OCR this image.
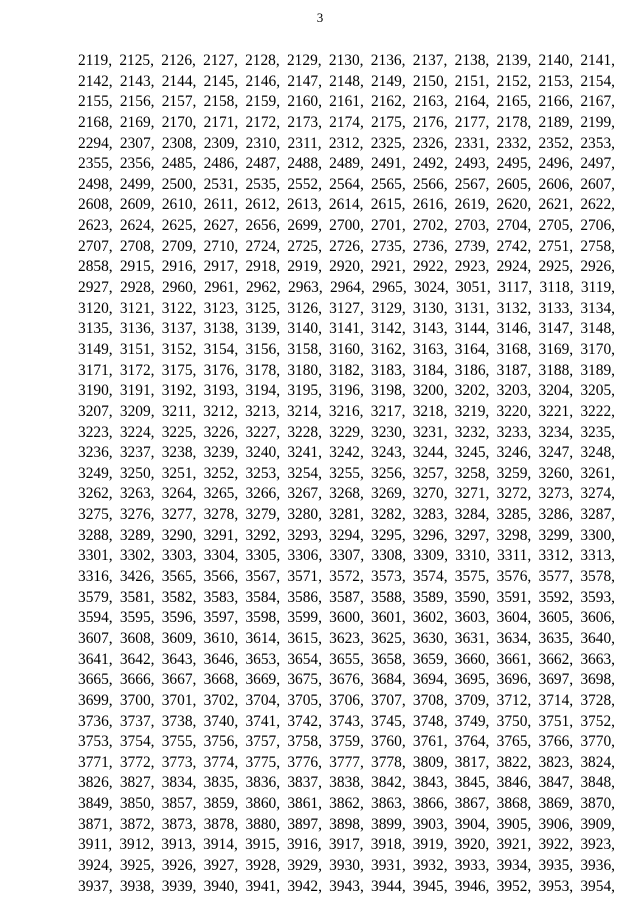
3
2119, 2125, 2126, 2127, 2128, 2129, 2130, 2136, 2137, 2138, 2139, 2140, 2141,
2142, 2143, 2144, 2145, 2146, 2147, 2148, 2149, 2150, 2151, 2152, 2153, 2154,
2155, 2156, 2157, 2158, 2159, 2160, 2161, 2162, 2163, 2164, 2165, 2166, 2167,
2168, 2169, 2170, 2171, 2172, 2173, 2174, 2175, 2176, 2177, 2178, 2189, 2199,
2294, 2307, 2308, 2309, 2310, 2311, 2312, 2325, 2326, 2331, 2332, 2352, 2353,
2355, 2356, 2485, 2486, 2487, 2488, 2489, 2491, 2492, 2493, 2495, 2496, 2497,
2498, 2499, 2500, 2531, 2535, 2552, 2564, 2565, 2566, 2567, 2605, 2606, 2607,
2608, 2609, 2610, 2611, 2612, 2613, 2614, 2615, 2616, 2619, 2620, 2621, 2622,
2623, 2624, 2625, 2627, 2656, 2699, 2700, 2701, 2702, 2703, 2704, 2705, 2706,
2707, 2708, 2709, 2710, 2724, 2725, 2726, 2735, 2736, 2739, 2742, 2751, 2758,
2858, 2915, 2916, 2917, 2918, 2919, 2920, 2921, 2922, 2923, 2924, 2925, 2926,
2927, 2928, 2960, 2961, 2962, 2963, 2964, 2965, 3024, 3051, 3117, 3118, 3119,
3120, 3121, 3122, 3123, 3125, 3126, 3127, 3129, 3130, 3131, 3132, 3133, 3134,
3135, 3136, 3137, 3138, 3139, 3140, 3141, 3142, 3143, 3144, 3146, 3147, 3148,
3149, 3151, 3152, 3154, 3156, 3158, 3160, 3162, 3163, 3164, 3168, 3169, 3170,
3171, 3172, 3175, 3176, 3178, 3180, 3182, 3183, 3184, 3186, 3187, 3188, 3189,
3190, 3191, 3192, 3193, 3194, 3195, 3196, 3198, 3200, 3202, 3203, 3204, 3205,
3207, 3209, 3211, 3212, 3213, 3214, 3216, 3217, 3218, 3219, 3220, 3221, 3222,
3223, 3224, 3225, 3226, 3227, 3228, 3229, 3230, 3231, 3232, 3233, 3234, 3235,
3236, 3237, 3238, 3239, 3240, 3241, 3242, 3243, 3244, 3245, 3246, 3247, 3248,
3249, 3250, 3251, 3252, 3253, 3254, 3255, 3256, 3257, 3258, 3259, 3260, 3261,
3262, 3263, 3264, 3265, 3266, 3267, 3268, 3269, 3270, 3271, 3272, 3273, 3274,
3275, 3276, 3277, 3278, 3279, 3280, 3281, 3282, 3283, 3284, 3285, 3286, 3287,
3288, 3289, 3290, 3291, 3292, 3293, 3294, 3295, 3296, 3297, 3298, 3299, 3300,
3301, 3302, 3303, 3304, 3305, 3306, 3307, 3308, 3309, 3310, 3311, 3312, 3313,
3316, 3426, 3565, 3566, 3567, 3571, 3572, 3573, 3574, 3575, 3576, 3577, 3578,
3579, 3581, 3582, 3583, 3584, 3586, 3587, 3588, 3589, 3590, 3591, 3592, 3593,
3594, 3595, 3596, 3597, 3598, 3599, 3600, 3601, 3602, 3603, 3604, 3605, 3606,
3607, 3608, 3609, 3610, 3614, 3615, 3623, 3625, 3630, 3631, 3634, 3635, 3640,
3641, 3642, 3643, 3646, 3653, 3654, 3655, 3658, 3659, 3660, 3661, 3662, 3663,
3665, 3666, 3667, 3668, 3669, 3675, 3676, 3684, 3694, 3695, 3696, 3697, 3698,
3699, 3700, 3701, 3702, 3704, 3705, 3706, 3707, 3708, 3709, 3712, 3714, 3728,
3736, 3737, 3738, 3740, 3741, 3742, 3743, 3745, 3748, 3749, 3750, 3751, 3752,
3753, 3754, 3755, 3756, 3757, 3758, 3759, 3760, 3761, 3764, 3765, 3766, 3770,
3771, 3772, 3773, 3774, 3775, 3776, 3777, 3778, 3809, 3817, 3822, 3823, 3824,
3826, 3827, 3834, 3835, 3836, 3837, 3838, 3842, 3843, 3845, 3846, 3847, 3848,
3849, 3850, 3857, 3859, 3860, 3861, 3862, 3863, 3866, 3867, 3868, 3869, 3870,
3871, 3872, 3873, 3878, 3880, 3897, 3898, 3899, 3903, 3904, 3905, 3906, 3909,
3911, 3912, 3913, 3914, 3915, 3916, 3917, 3918, 3919, 3920, 3921, 3922, 3923,
3924, 3925, 3926, 3927, 3928, 3929, 3930, 3931, 3932, 3933, 3934, 3935, 3936,
3937, 3938, 3939, 3940, 3941, 3942, 3943, 3944, 3945, 3946, 3952, 3953, 3954,
